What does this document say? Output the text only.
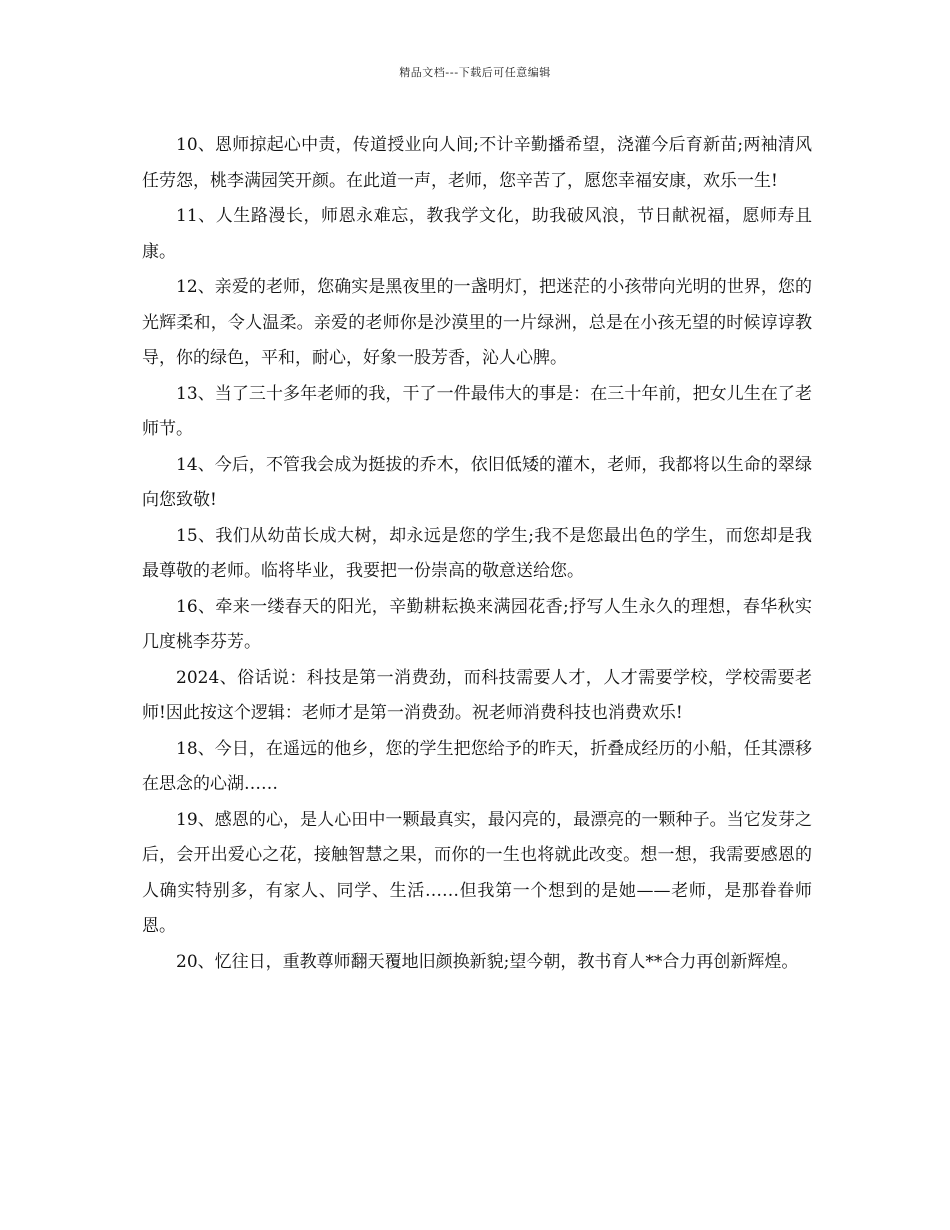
精品文档---下载后可任意编辑

10、恩师掠起心中责，传道授业向人间;不计辛勤播希望，浇灌今后育新苗;两袖清风任劳怨，桃李满园笑开颜。在此道一声，老师，您辛苦了，愿您幸福安康，欢乐一生!

11、人生路漫长，师恩永难忘，教我学文化，助我破风浪，节日献祝福，愿师寿且康。

12、亲爱的老师，您确实是黑夜里的一盏明灯，把迷茫的小孩带向光明的世界，您的光辉柔和，令人温柔。亲爱的老师你是沙漠里的一片绿洲，总是在小孩无望的时候谆谆教导，你的绿色，平和，耐心，好象一股芳香，沁人心脾。

13、当了三十多年老师的我，干了一件最伟大的事是：在三十年前，把女儿生在了老师节。

14、今后，不管我会成为挺拔的乔木，依旧低矮的灌木，老师，我都将以生命的翠绿向您致敬!

15、我们从幼苗长成大树，却永远是您的学生;我不是您最出色的学生，而您却是我最尊敬的老师。临将毕业，我要把一份崇高的敬意送给您。

16、牵来一缕春天的阳光，辛勤耕耘换来满园花香;抒写人生永久的理想，春华秋实几度桃李芬芳。

2024、俗话说：科技是第一消费劲，而科技需要人才，人才需要学校，学校需要老师!因此按这个逻辑：老师才是第一消费劲。祝老师消费科技也消费欢乐!

18、今日，在遥远的他乡，您的学生把您给予的昨天，折叠成经历的小船，任其漂移在思念的心湖……

19、感恩的心，是人心田中一颗最真实，最闪亮的，最漂亮的一颗种子。当它发芽之后，会开出爱心之花，接触智慧之果，而你的一生也将就此改变。想一想，我需要感恩的人确实特别多，有家人、同学、生活……但我第一个想到的是她——老师，是那眷眷师恩。

20、忆往日，重教尊师翻天覆地旧颜换新貌;望今朝，教书育人**合力再创新辉煌。
